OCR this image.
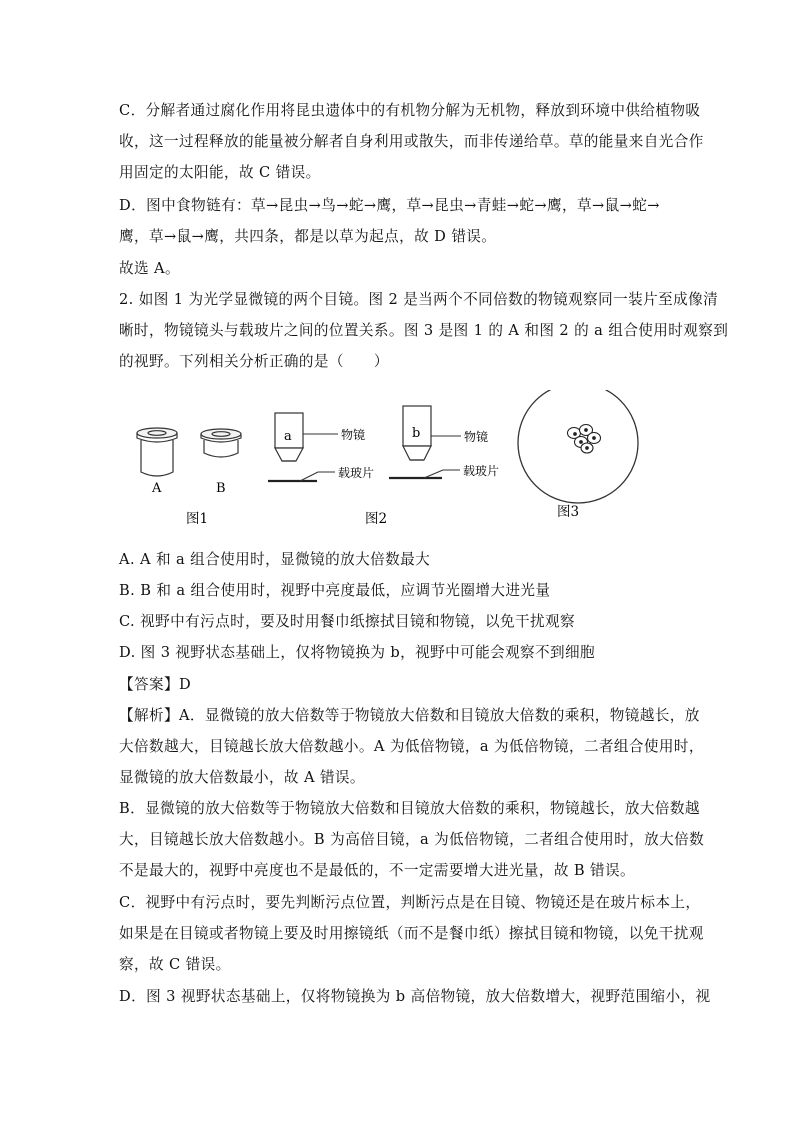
C．分解者通过腐化作用将昆虫遗体中的有机物分解为无机物，释放到环境中供给植物吸
收，这一过程释放的能量被分解者自身利用或散失，而非传递给草。草的能量来自光合作
用固定的太阳能，故 C 错误。
D．图中食物链有：草→昆虫→鸟→蛇→鹰，草→昆虫→青蛙→蛇→鹰，草→鼠→蛇→
鹰，草→鼠→鹰，共四条，都是以草为起点，故 D 错误。
故选 A。
2. 如图 1 为光学显微镜的两个目镜。图 2 是当两个不同倍数的物镜观察同一装片至成像清
晰时，物镜镜头与载玻片之间的位置关系。图 3 是图 1 的 A 和图 2 的 a 组合使用时观察到
的视野。下列相关分析正确的是（　　）
A	B
a	物镜
载玻片
b	物镜
载玻片
图1	图2	图3
A. A 和 a 组合使用时，显微镜的放大倍数最大
B. B 和 a 组合使用时，视野中亮度最低，应调节光圈增大进光量
C. 视野中有污点时，要及时用餐巾纸擦拭目镜和物镜，以免干扰观察
D. 图 3 视野状态基础上，仅将物镜换为 b，视野中可能会观察不到细胞
【答案】D
【解析】A．显微镜的放大倍数等于物镜放大倍数和目镜放大倍数的乘积，物镜越长，放
大倍数越大，目镜越长放大倍数越小。A 为低倍物镜，a 为低倍物镜，二者组合使用时，
显微镜的放大倍数最小，故 A 错误。
B．显微镜的放大倍数等于物镜放大倍数和目镜放大倍数的乘积，物镜越长，放大倍数越
大，目镜越长放大倍数越小。B 为高倍目镜，a 为低倍物镜，二者组合使用时，放大倍数
不是最大的，视野中亮度也不是最低的，不一定需要增大进光量，故 B 错误。
C．视野中有污点时，要先判断污点位置，判断污点是在目镜、物镜还是在玻片标本上，
如果是在目镜或者物镜上要及时用擦镜纸（而不是餐巾纸）擦拭目镜和物镜，以免干扰观
察，故 C 错误。
D．图 3 视野状态基础上，仅将物镜换为 b 高倍物镜，放大倍数增大，视野范围缩小，视
